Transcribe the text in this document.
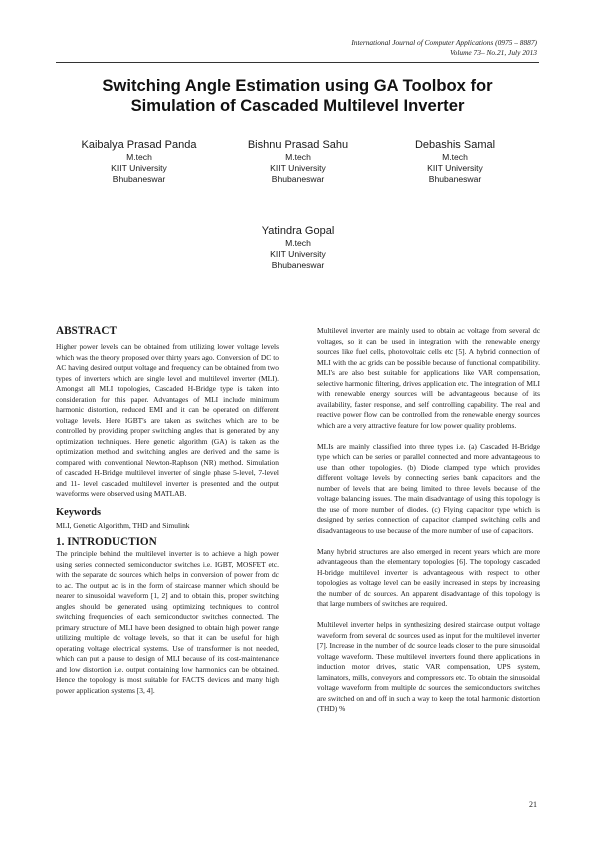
International Journal of Computer Applications (0975 – 8887)
Volume 73– No.21, July 2013
Switching Angle Estimation using GA Toolbox for
Simulation of Cascaded Multilevel Inverter
Kaibalya Prasad Panda
M.tech
KIIT University
Bhubaneswar
Bishnu Prasad Sahu
M.tech
KIIT University
Bhubaneswar
Debashis Samal
M.tech
KIIT University
Bhubaneswar
Yatindra Gopal
M.tech
KIIT University
Bhubaneswar
ABSTRACT
Higher power levels can be obtained from utilizing lower voltage levels which was the theory proposed over thirty years ago. Conversion of DC to AC having desired output voltage and frequency can be obtained from two types of inverters which are single level and multilevel inverter (MLI). Amongst all MLI topologies, Cascaded H-Bridge type is taken into consideration for this paper. Advantages of MLI include minimum harmonic distortion, reduced EMI and it can be operated on different voltage levels. Here IGBT's are taken as switches which are to be controlled by providing proper switching angles that is generated by any optimization techniques. Here genetic algorithm (GA) is taken as the optimization method and switching angles are derived and the same is compared with conventional Newton-Raphson (NR) method. Simulation of cascaded H-Bridge multilevel inverter of single phase 5-level, 7-level and 11- level cascaded multilevel inverter is presented and the output waveforms were observed using MATLAB.
Keywords
MLI, Genetic Algorithm, THD and Simulink
1. INTRODUCTION
The principle behind the multilevel inverter is to achieve a high power using series connected semiconductor switches i.e. IGBT, MOSFET etc. with the separate dc sources which helps in conversion of power from dc to ac. The output ac is in the form of staircase manner which should be nearer to sinusoidal waveform [1, 2] and to obtain this, proper switching angles should be generated using optimizing techniques to control switching frequencies of each semiconductor switches connected. The primary structure of MLI have been designed to obtain high power range utilizing multiple dc voltage levels, so that it can be useful for high operating voltage electrical systems. Use of transformer is not needed, which can put a pause to design of MLI because of its cost-maintenance and low distortion i.e. output containing low harmonics can be obtained. Hence the topology is most suitable for FACTS devices and many high power application systems [3, 4].
Multilevel inverter are mainly used to obtain ac voltage from several dc voltages, so it can be used in integration with the renewable energy sources like fuel cells, photovoltaic cells etc [5]. A hybrid connection of MLI with the ac grids can be possible because of functional compatibility. MLI's are also best suitable for applications like VAR compensation, selective harmonic filtering, drives application etc. The integration of MLI with renewable energy sources will be advantageous because of its availability, faster response, and self controlling capability. The real and reactive power flow can be controlled from the renewable energy sources which are a very attractive feature for low power quality problems.
MLIs are mainly classified into three types i.e. (a) Cascaded H-Bridge type which can be series or parallel connected and more advantageous to use than other topologies. (b) Diode clamped type which provides different voltage levels by connecting series bank capacitors and the number of levels that are being limited to three levels because of the voltage balancing issues. The main disadvantage of using this topology is the use of more number of diodes. (c) Flying capacitor type which is designed by series connection of capacitor clamped switching cells and disadvantageous to use because of the more number of use of capacitors.
Many hybrid structures are also emerged in recent years which are more advantageous than the elementary topologies [6]. The topology cascaded H-bridge multilevel inverter is advantageous with respect to other topologies as voltage level can be easily increased in steps by increasing the number of dc sources. An apparent disadvantage of this topology is that large numbers of switches are required.
Multilevel inverter helps in synthesizing desired staircase output voltage waveform from several dc sources used as input for the multilevel inverter [7]. Increase in the number of dc source leads closer to the pure sinusoidal voltage waveform. These multilevel inverters found there applications in induction motor drives, static VAR compensation, UPS system, laminators, mills, conveyors and compressors etc. To obtain the sinusoidal voltage waveform from multiple dc sources the semiconductors switches are switched on and off in such a way to keep the total harmonic distortion (THD) %
21
